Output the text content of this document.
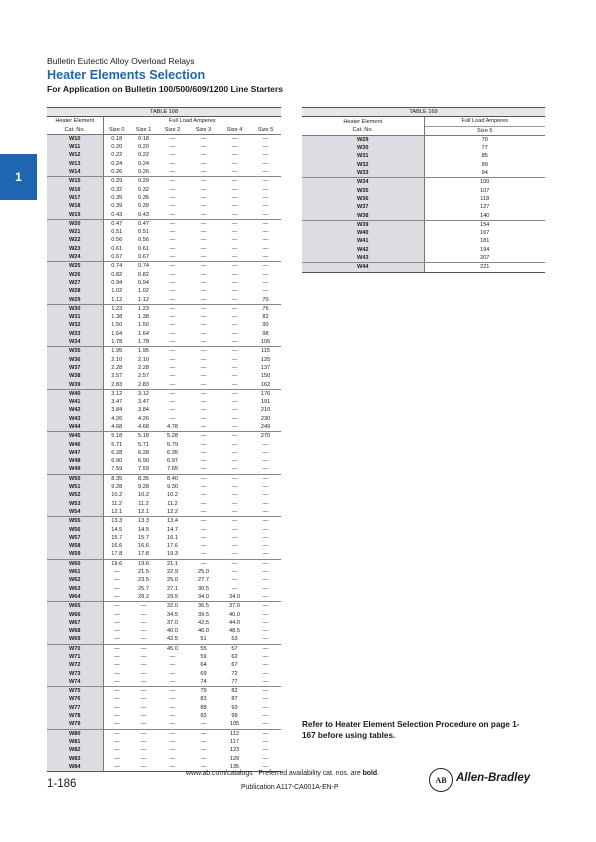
Bulletin Eutectic Alloy Overload Relays
Heater Elements Selection
For Application on Bulletin 100/500/609/1200 Line Starters
1
TABLE 168						
Heater Element	Full Load Amperes					
Cat. No.	Size 0	Size 1	Size 2	Size 3	Size 4	Size 5
W10	0.18	0.18	—	—	—	—
W11	0.20	0.20	—	—	—	—
W12	0.22	0.22	—	—	—	—
W13	0.24	0.24	—	—	—	—
W14	0.26	0.26	—	—	—	—
W15	0.29	0.29	—	—	—	—
W16	0.32	0.32	—	—	—	—
W17	0.35	0.35	—	—	—	—
W18	0.39	0.39	—	—	—	—
W19	0.43	0.43	—	—	—	—
W20	0.47	0.47	—	—	—	—
W21	0.51	0.51	—	—	—	—
W22	0.56	0.56	—	—	—	—
W23	0.61	0.61	—	—	—	—
W24	0.67	0.67	—	—	—	—
W25	0.74	0.74	—	—	—	—
W26	0.82	0.82	—	—	—	—
W27	0.94	0.94	—	—	—	—
W28	1.02	1.02	—	—	—	—
W29	1.12	1.12	—	—	—	70
W30	1.23	1.23	—	—	—	76
W31	1.38	1.38	—	—	—	82
W32	1.50	1.50	—	—	—	90
W33	1.64	1.64	—	—	—	98
W34	1.78	1.78	—	—	—	106
W35	1.95	1.95	—	—	—	115
W36	2.10	2.10	—	—	—	125
W37	2.28	2.28	—	—	—	137
W38	2.57	2.57	—	—	—	150
W39	2.83	2.83	—	—	—	162
W40	3.12	3.12	—	—	—	176
W41	3.47	3.47	—	—	—	191
W42	3.84	3.84	—	—	—	210
W43	4.26	4.26	—	—	—	230
W44	4.68	4.68	4.78	—	—	249
W45	5.18	5.18	5.28	—	—	270
W46	5.71	5.71	5.79	—	—	—
W47	6.28	6.28	6.35	—	—	—
W48	6.90	6.90	6.97	—	—	—
W49	7.59	7.59	7.65	—	—	—
W50	8.35	8.35	8.40	—	—	—
W51	9.28	9.28	9.30	—	—	—
W52	10.2	10.2	10.2	—	—	—
W53	11.2	11.2	11.2	—	—	—
W54	12.1	12.1	12.2	—	—	—
W55	13.3	13.3	13.4	—	—	—
W56	14.5	14.5	14.7	—	—	—
W57	15.7	15.7	16.1	—	—	—
W58	16.6	16.6	17.6	—	—	—
W59	17.8	17.8	19.3	—	—	—
W60	19.6	19.6	21.1	—	—	—
W61	—	21.5	22.9	25.0	—	—
W62	—	23.5	25.0	27.7	—	—
W63	—	25.7	27.1	30.5	—	—
W64	—	28.2	29.5	34.0	34.0	—
W65	—	—	32.0	36.5	37.0	—
W66	—	—	34.5	39.5	40.0	—
W67	—	—	37.0	42.5	44.0	—
W68	—	—	40.0	46.0	48.5	—
W69	—	—	42.5	51	53	—
W70	—	—	45.0	55	57	—
W71	—	—	—	59	62	—
W72	—	—	—	64	67	—
W73	—	—	—	69	72	—
W74	—	—	—	74	77	—
W75	—	—	—	79	82	—
W76	—	—	—	83	87	—
W77	—	—	—	88	93	—
W78	—	—	—	93	99	—
W79	—	—	—	—	105	—
W80	—	—	—	—	112	—
W81	—	—	—	—	117	—
W82	—	—	—	—	123	—
W83	—	—	—	—	129	—
W84	—	—	—	—	135	—
TABLE 169	
Heater Element
Cat. No.	Full Load Amperes
	Size 5
W29	70
W30	77
W31	85
W32	89
W33	94
W34	100
W35	107
W36	118
W37	127
W38	140
W39	154
W40	167
W41	181
W42	194
W43	207
W44	221
Refer to Heater Element Selection Procedure on page 1-167 before using tables.
1-186
www.ab.com/catalogs Preferred availability cat. nos. are bold.
Publication A117-CA001A-EN-P
AB Allen-Bradley
